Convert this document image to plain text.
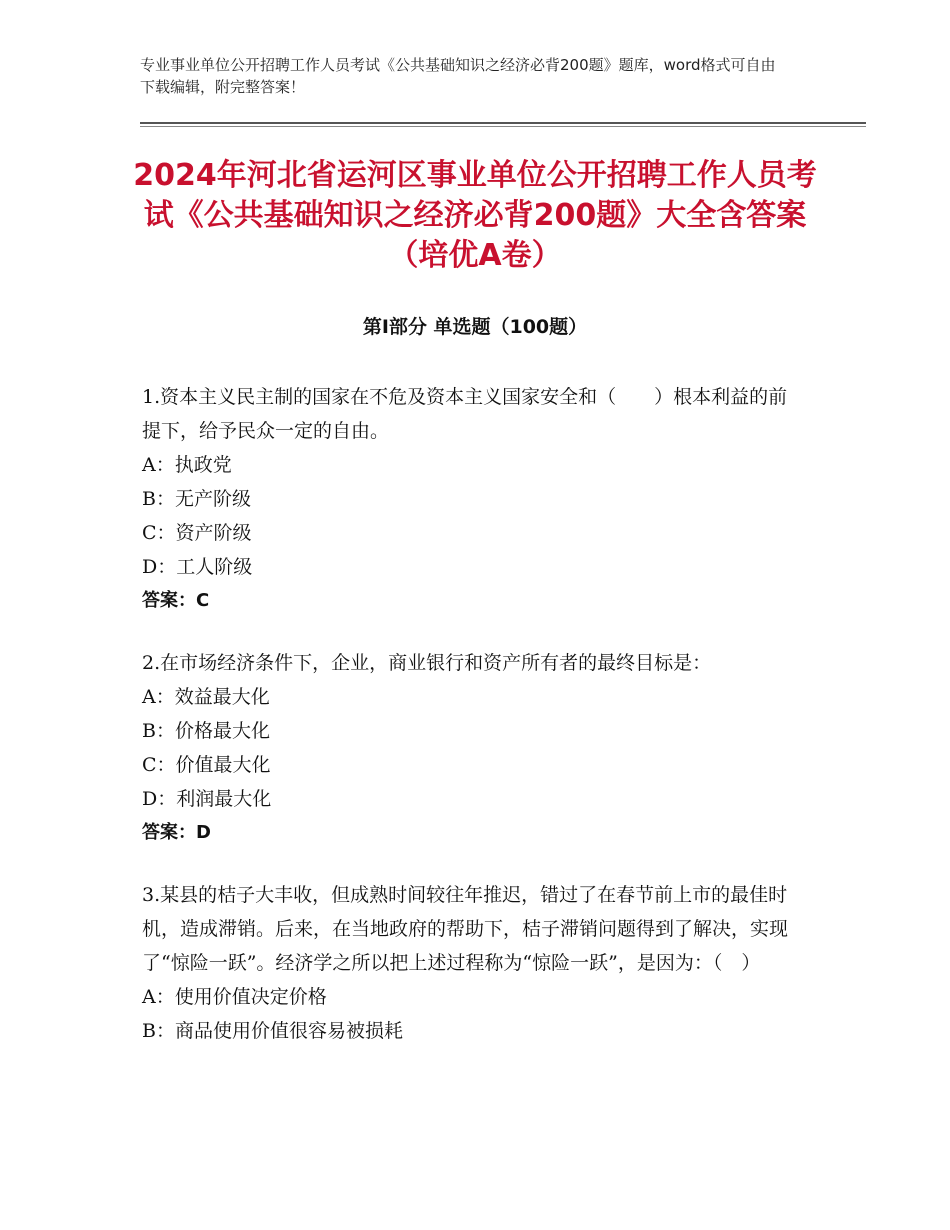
专业事业单位公开招聘工作人员考试《公共基础知识之经济必背200题》题库，word格式可自由下载编辑，附完整答案！
2024年河北省运河区事业单位公开招聘工作人员考试《公共基础知识之经济必背200题》大全含答案（培优A卷）
第Ⅰ部分 单选题（100题）

1.资本主义民主制的国家在不危及资本主义国家安全和（　　）根本利益的前提下，给予民众一定的自由。

A：执政党

B：无产阶级

C：资产阶级

D：工人阶级

答案：C

2.在市场经济条件下，企业，商业银行和资产所有者的最终目标是：

A：效益最大化

B：价格最大化

C：价值最大化

D：利润最大化

答案：D

3.某县的桔子大丰收，但成熟时间较往年推迟，错过了在春节前上市的最佳时机，造成滞销。后来，在当地政府的帮助下，桔子滞销问题得到了解决，实现了“惊险一跃”。经济学之所以把上述过程称为“惊险一跃”，是因为：（　）

A：使用价值决定价格

B：商品使用价值很容易被损耗
